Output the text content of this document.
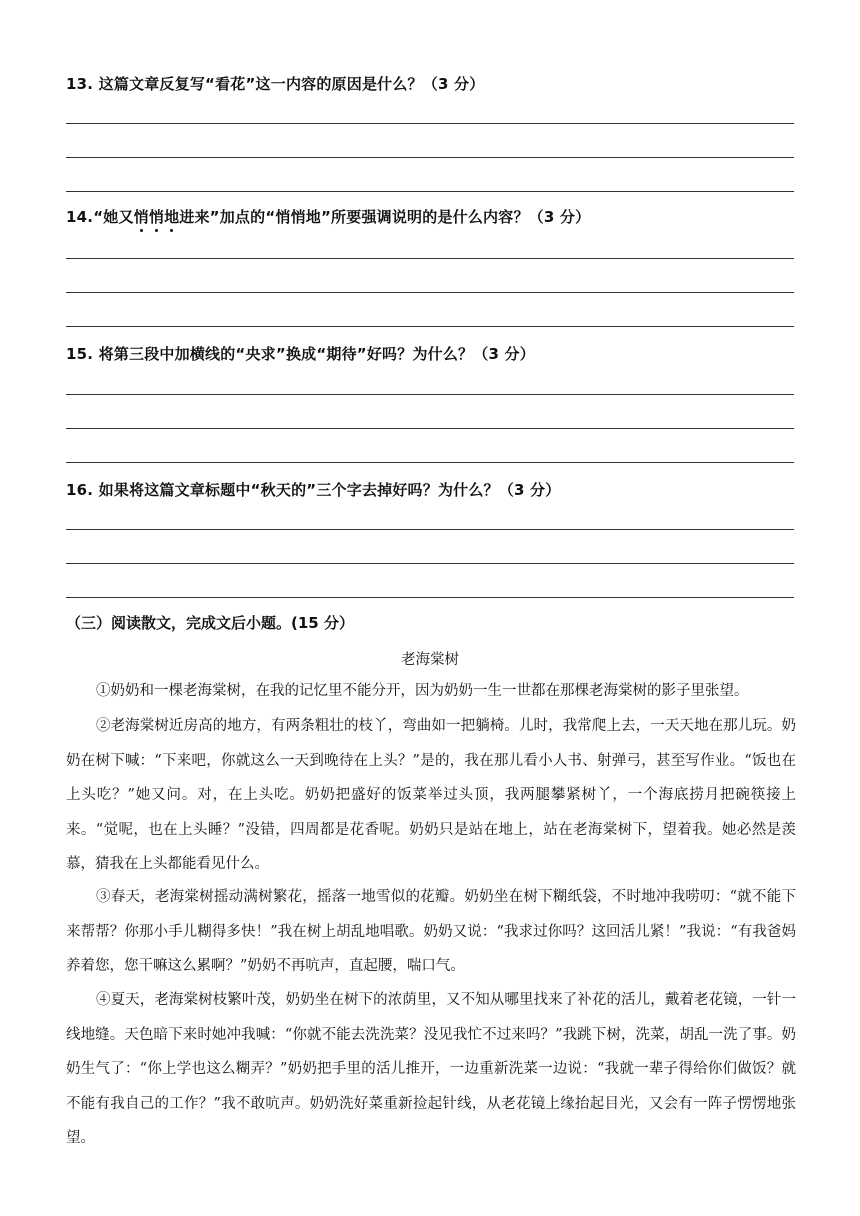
13. 这篇文章反复写“看花”这一内容的原因是什么？（3 分）
14.“她又悄悄地进来”加点的“悄悄地”所要强调说明的是什么内容？（3 分）
15. 将第三段中加横线的“央求”换成“期待”好吗？为什么？（3 分）
16. 如果将这篇文章标题中“秋天的”三个字去掉好吗？为什么？（3 分）
（三）阅读散文，完成文后小题。(15 分）
老海棠树

①奶奶和一棵老海棠树，在我的记忆里不能分开，因为奶奶一生一世都在那棵老海棠树的影子里张望。

②老海棠树近房高的地方，有两条粗壮的枝丫，弯曲如一把躺椅。儿时，我常爬上去，一天天地在那儿玩。奶奶在树下喊：“下来吧，你就这么一天到晚待在上头？”是的，我在那儿看小人书、射弹弓，甚至写作业。“饭也在上头吃？”她又问。对，在上头吃。奶奶把盛好的饭菜举过头顶，我两腿攀紧树丫，一个海底捞月把碗筷接上来。“觉呢，也在上头睡？”没错，四周都是花香呢。奶奶只是站在地上，站在老海棠树下，望着我。她必然是羡慕，猜我在上头都能看见什么。

③春天，老海棠树摇动满树繁花，摇落一地雪似的花瓣。奶奶坐在树下糊纸袋，不时地冲我唠叨：“就不能下来帮帮？你那小手儿糊得多快！”我在树上胡乱地唱歌。奶奶又说：“我求过你吗？这回活儿紧！”我说：“有我爸妈养着您，您干嘛这么累啊？”奶奶不再吭声，直起腰，喘口气。

④夏天，老海棠树枝繁叶茂，奶奶坐在树下的浓荫里，又不知从哪里找来了补花的活儿，戴着老花镜，一针一线地缝。天色暗下来时她冲我喊：“你就不能去洗洗菜？没见我忙不过来吗？”我跳下树，洗菜，胡乱一洗了事。奶奶生气了：“你上学也这么糊弄？”奶奶把手里的活儿推开，一边重新洗菜一边说：“我就一辈子得给你们做饭？就不能有我自己的工作？”我不敢吭声。奶奶洗好菜重新捡起针线，从老花镜上缘抬起目光，又会有一阵子愣愣地张望。
